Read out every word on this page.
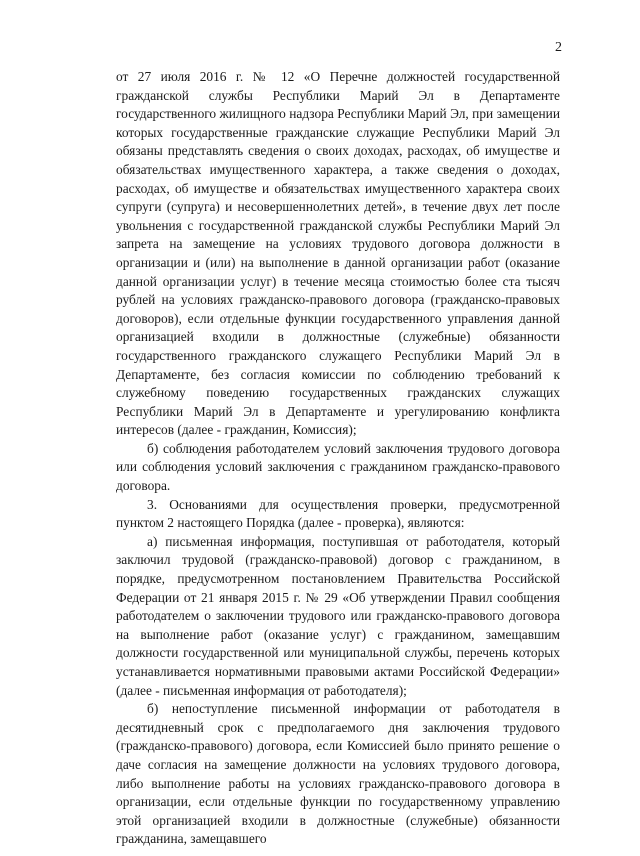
2

от 27 июля 2016 г. № 12 «О Перечне должностей государственной гражданской службы Республики Марий Эл в Департаменте государственного жилищного надзора Республики Марий Эл, при замещении которых государственные гражданские служащие Республики Марий Эл обязаны представлять сведения о своих доходах, расходах, об имуществе и обязательствах имущественного характера, а также сведения о доходах, расходах, об имуществе и обязательствах имущественного характера своих супруги (супруга) и несовершеннолетних детей», в течение двух лет после увольнения с государственной гражданской службы Республики Марий Эл запрета на замещение на условиях трудового договора должности в организации и (или) на выполнение в данной организации работ (оказание данной организации услуг) в течение месяца стоимостью более ста тысяч рублей на условиях гражданско-правового договора (гражданско-правовых договоров), если отдельные функции государственного управления данной организацией входили в должностные (служебные) обязанности государственного гражданского служащего Республики Марий Эл в Департаменте, без согласия комиссии по соблюдению требований к служебному поведению государственных гражданских служащих Республики Марий Эл в Департаменте и урегулированию конфликта интересов (далее - гражданин, Комиссия);

б) соблюдения работодателем условий заключения трудового договора или соблюдения условий заключения с гражданином гражданско-правового договора.

3. Основаниями для осуществления проверки, предусмотренной пунктом 2 настоящего Порядка (далее - проверка), являются:

а) письменная информация, поступившая от работодателя, который заключил трудовой (гражданско-правовой) договор с гражданином, в порядке, предусмотренном постановлением Правительства Российской Федерации от 21 января 2015 г. № 29 «Об утверждении Правил сообщения работодателем о заключении трудового или гражданско-правового договора на выполнение работ (оказание услуг) с гражданином, замещавшим должности государственной или муниципальной службы, перечень которых устанавливается нормативными правовыми актами Российской Федерации» (далее - письменная информация от работодателя);

б) непоступление письменной информации от работодателя в десятидневный срок с предполагаемого дня заключения трудового (гражданско-правового) договора, если Комиссией было принято решение о даче согласия на замещение должности на условиях трудового договора, либо выполнение работы на условиях гражданско-правового договора в организации, если отдельные функции по государственному управлению этой организацией входили в должностные (служебные) обязанности гражданина, замещавшего
